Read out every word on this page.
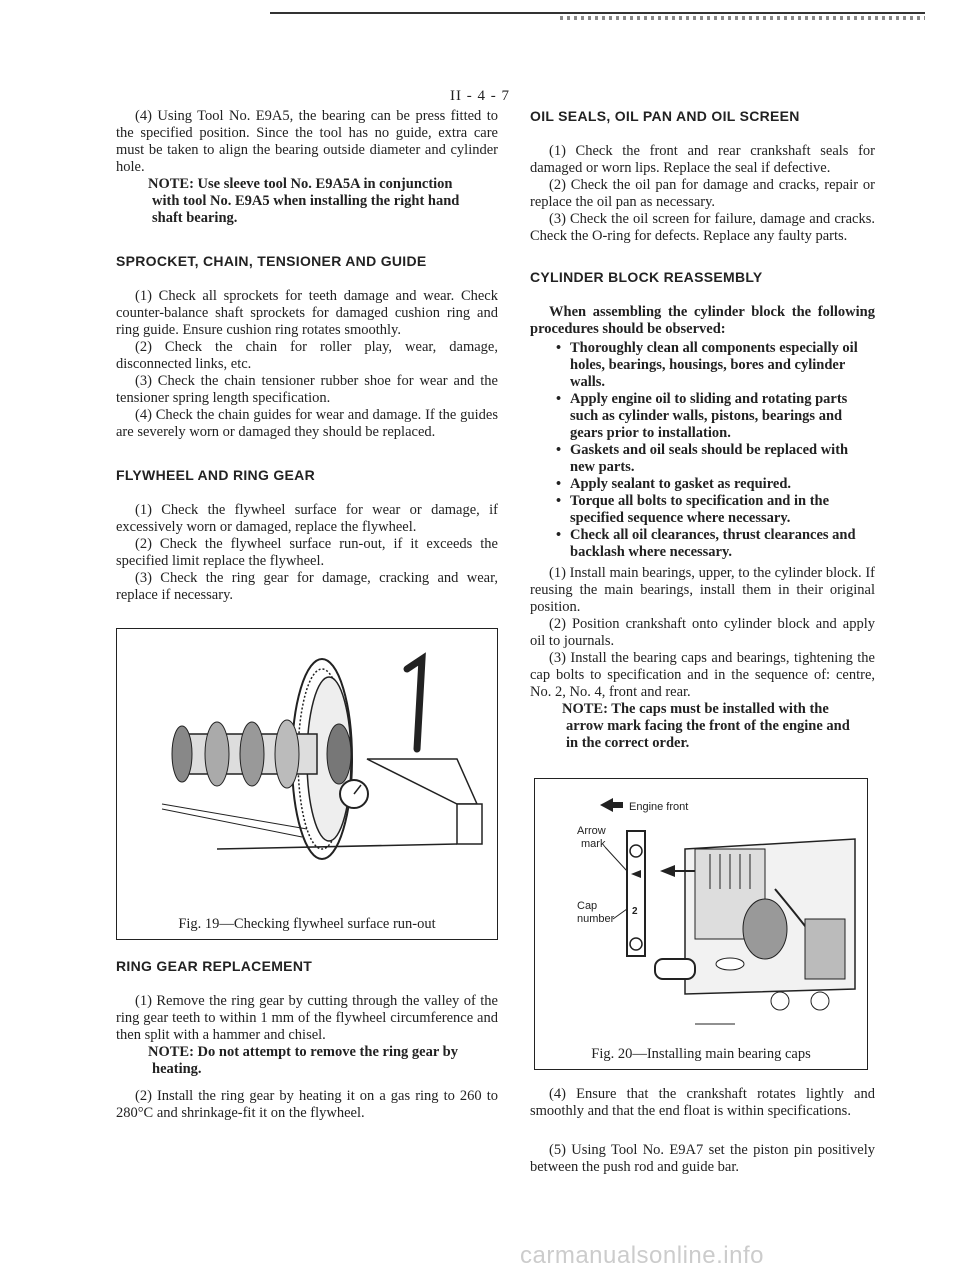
II - 4 - 7

(4) Using Tool No. E9A5, the bearing can be press fitted to the specified position. Since the tool has no guide, extra care must be taken to align the bearing outside diameter and cylinder hole.

NOTE: Use sleeve tool No. E9A5A in conjunction with tool No. E9A5 when installing the right hand shaft bearing.

SPROCKET, CHAIN, TENSIONER AND GUIDE

(1) Check all sprockets for teeth damage and wear. Check counter-balance shaft sprockets for damaged cushion ring and ring guide. Ensure cushion ring rotates smoothly.

(2) Check the chain for roller play, wear, damage, disconnected links, etc.

(3) Check the chain tensioner rubber shoe for wear and the tensioner spring length specification.

(4) Check the chain guides for wear and damage. If the guides are severely worn or damaged they should be replaced.

FLYWHEEL AND RING GEAR

(1) Check the flywheel surface for wear or damage, if excessively worn or damaged, replace the flywheel.

(2) Check the flywheel surface run-out, if it exceeds the specified limit replace the flywheel.

(3) Check the ring gear for damage, cracking and wear, replace if necessary.

Fig. 19—Checking flywheel surface run-out
RING GEAR REPLACEMENT

(1) Remove the ring gear by cutting through the valley of the ring gear teeth to within 1 mm of the flywheel circumference and then split with a hammer and chisel.

NOTE: Do not attempt to remove the ring gear by heating.

(2) Install the ring gear by heating it on a gas ring to 260 to 280°C and shrinkage-fit it on the flywheel.

OIL SEALS, OIL PAN AND OIL SCREEN

(1) Check the front and rear crankshaft seals for damaged or worn lips. Replace the seal if defective.

(2) Check the oil pan for damage and cracks, repair or replace the oil pan as necessary.

(3) Check the oil screen for failure, damage and cracks. Check the O-ring for defects. Replace any faulty parts.

CYLINDER BLOCK REASSEMBLY

When assembling the cylinder block the following procedures should be observed:

• Thoroughly clean all components especially oil holes, bearings, housings, bores and cylinder walls.
• Apply engine oil to sliding and rotating parts such as cylinder walls, pistons, bearings and gears prior to installation.
• Gaskets and oil seals should be replaced with new parts.
• Apply sealant to gasket as required.
• Torque all bolts to specification and in the specified sequence where necessary.
• Check all oil clearances, thrust clearances and backlash where necessary.

(1) Install main bearings, upper, to the cylinder block. If reusing the main bearings, install them in their original position.

(2) Position crankshaft onto cylinder block and apply oil to journals.

(3) Install the bearing caps and bearings, tightening the cap bolts to specification and in the sequence of: centre, No. 2, No. 4, front and rear.

NOTE: The caps must be installed with the arrow mark facing the front of the engine and in the correct order.

Engine front
Arrow
mark
Cap
number
2
Fig. 20—Installing main bearing caps

(4) Ensure that the crankshaft rotates lightly and smoothly and that the end float is within specifications.

(5) Using Tool No. E9A7 set the piston pin positively between the push rod and guide bar.

carmanualsonline.info
